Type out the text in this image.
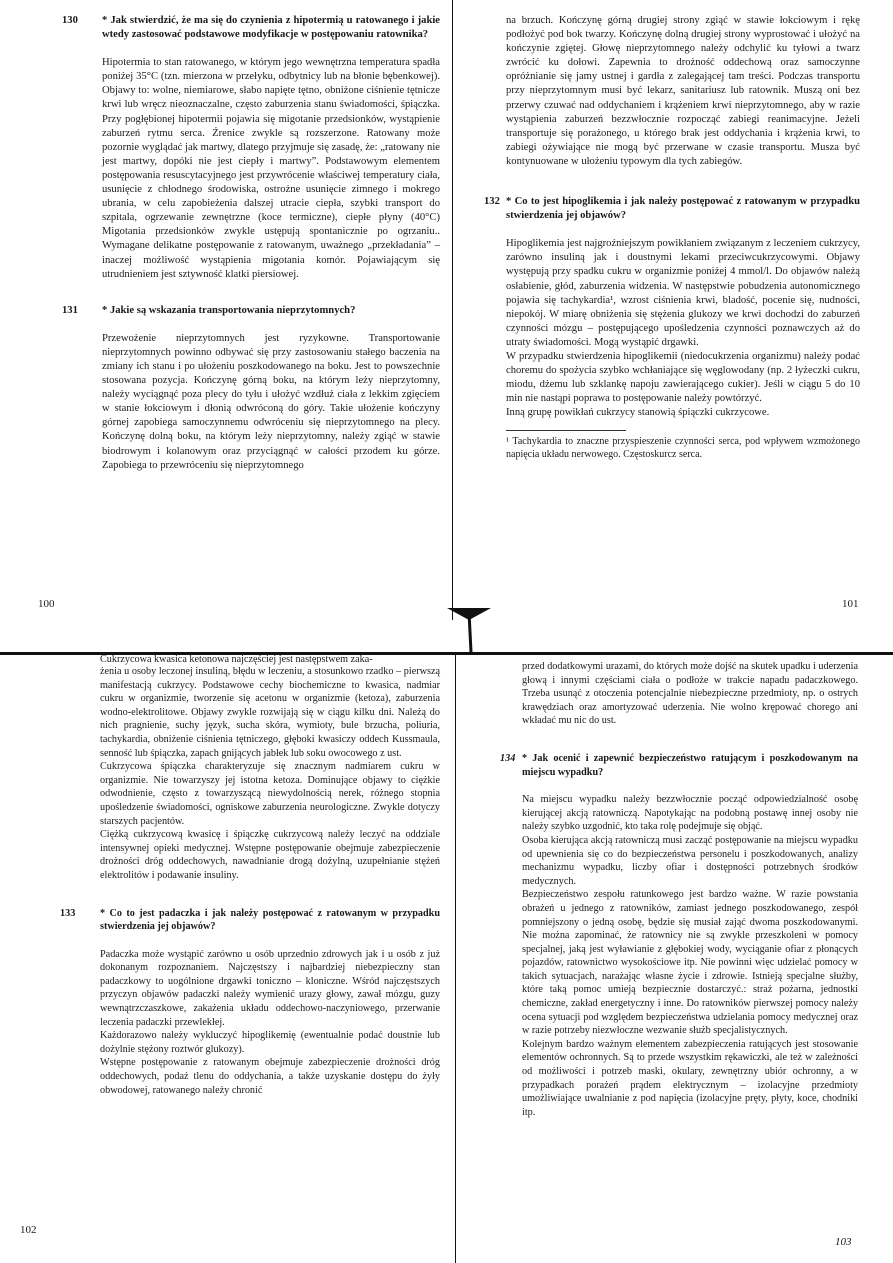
130	* Jak stwierdzić, że ma się do czynienia z hipotermią u ratowanego i jakie wtedy zastosować podstawowe modyfikacje w postępowaniu ratownika?

Hipotermia to stan ratowanego, w którym jego wewnętrzna temperatura spadła poniżej 35°C (tzn. mierzona w przełyku, odbytnicy lub na błonie bębenkowej). Objawy to: wolne, niemiarowe, słabo napięte tętno, obniżone ciśnienie tętnicze krwi lub wręcz nieoznaczalne, często zaburzenia stanu świadomości, śpiączka. Przy pogłębionej hipotermii pojawia się migotanie przedsionków, wystąpienie zaburzeń rytmu serca. Źrenice zwykle są rozszerzone. Ratowany może pozornie wyglądać jak martwy, dlatego przyjmuje się zasadę, że: „ratowany nie jest martwy, dopóki nie jest ciepły i martwy”. Podstawowym elementem postępowania resuscytacyjnego jest przywrócenie właściwej temperatury ciała, usunięcie z chłodnego środowiska, ostrożne usunięcie zimnego i mokrego ubrania, w celu zapobieżenia dalszej utracie ciepła, szybki transport do szpitala, ogrzewanie zewnętrzne (koce termiczne), ciepłe płyny (40°C) Migotania przedsionków zwykle ustępują spontanicznie po ogrzaniu.. Wymagane delikatne postępowanie z ratowanym, uważnego „przekładania” – inaczej możliwość wystąpienia migotania komór. Pojawiającym się utrudnieniem jest sztywność klatki piersiowej.

131	* Jakie są wskazania transportowania nieprzytomnych?

Przewożenie nieprzytomnych jest ryzykowne. Transportowanie nieprzytomnych powinno odbywać się przy zastosowaniu stałego baczenia na zmiany ich stanu i po ułożeniu poszkodowanego na boku. Jest to powszechnie stosowana pozycja. Kończynę górną boku, na którym leży nieprzytomny, należy wyciągnąć poza plecy do tyłu i ułożyć wzdłuż ciała z lekkim zgięciem w stanie łokciowym i dłonią odwróconą do góry. Takie ułożenie kończyny górnej zapobiega samoczynnemu odwróceniu się nieprzytomnego na plecy. Kończynę dolną boku, na którym leży nieprzytomny, należy zgiąć w stawie biodrowym i kolanowym oraz przyciągnąć w całości przodem ku górze. Zapobiega to przewróceniu się nieprzytomnego

100

na brzuch. Kończynę górną drugiej strony zgiąć w stawie łokciowym i rękę podłożyć pod bok twarzy. Kończynę dolną drugiej strony wyprostować i ułożyć na kończynie zgiętej. Głowę nieprzytomnego należy odchylić ku tyłowi a twarz zwrócić ku dołowi. Zapewnia to drożność oddechową oraz samoczynne opróżnianie się jamy ustnej i gardła z zalegającej tam treści. Podczas transportu przy nieprzytomnym musi być lekarz, sanitariusz lub ratownik. Muszą oni bez przerwy czuwać nad oddychaniem i krążeniem krwi nieprzytomnego, aby w razie wystąpienia zaburzeń bezzwłocznie rozpocząć zabiegi reanimacyjne. Jeżeli transportuje się porażonego, u którego brak jest oddychania i krążenia krwi, to zabiegi ożywiające nie mogą być przerwane w czasie transportu. Musza być kontynuowane w ułożeniu typowym dla tych zabiegów.

132 * Co to jest hipoglikemia i jak należy postępować z ratowanym w przypadku stwierdzenia jej objawów?

Hipoglikemia jest najgroźniejszym powikłaniem związanym z leczeniem cukrzycy, zarówno insuliną jak i doustnymi lekami przeciwcukrzycowymi. Objawy występują przy spadku cukru w organizmie poniżej 4 mmol/l. Do objawów należą osłabienie, głód, zaburzenia widzenia. W następstwie pobudzenia autonomicznego pojawia się tachykardia¹, wzrost ciśnienia krwi, bladość, pocenie się, nudności, niepokój. W miarę obniżenia się stężenia glukozy we krwi dochodzi do zaburzeń czynności mózgu – postępującego upośledzenia czynności poznawczych aż do utraty świadomości. Mogą wystąpić drgawki.

W przypadku stwierdzenia hipoglikemii (niedocukrzenia organizmu) należy podać choremu do spożycia szybko wchłaniające się węglowodany (np. 2 łyżeczki cukru, miodu, dżemu lub szklankę napoju zawierającego cukier). Jeśli w ciągu 5 do 10 min nie nastąpi poprawa to postępowanie należy powtórzyć.

Inną grupę powikłań cukrzycy stanowią śpiączki cukrzycowe.

¹ Tachykardia to znaczne przyspieszenie czynności serca, pod wpływem wzmożonego napięcia układu nerwowego. Częstoskurcz serca.

101

Cukrzycowa kwasica ketonowa najczęściej jest następstwem zaka-

żenia u osoby leczonej insuliną, błędu w leczeniu, a stosunkowo rzadko – pierwszą manifestacją cukrzycy. Podstawowe cechy biochemiczne to kwasica, nadmiar cukru w organizmie, tworzenie się acetonu w organizmie (ketoza), zaburzenia wodno-elektrolitowe. Objawy zwykle rozwijają się w ciągu kilku dni. Należą do nich pragnienie, suchy język, sucha skóra, wymioty, bule brzucha, poliuria, tachykardia, obniżenie ciśnienia tętniczego, głęboki kwasiczy oddech Kussmaula, senność lub śpiączka, zapach gnijących jabłek lub soku owocowego z ust.

Cukrzycowa śpiączka charakteryzuje się znacznym nadmiarem cukru w organizmie. Nie towarzyszy jej istotna ketoza. Dominujące objawy to ciężkie odwodnienie, często z towarzyszącą niewydolnością nerek, różnego stopnia upośledzenie świadomości, ogniskowe zaburzenia neurologiczne. Zwykle dotyczy starszych pacjentów.

Ciężką cukrzycową kwasicę i śpiączkę cukrzycową należy leczyć na oddziale intensywnej opieki medycznej. Wstępne postępowanie obejmuje zabezpieczenie drożności dróg oddechowych, nawadnianie drogą dożylną, uzupełnianie stężeń elektrolitów i podawanie insuliny.

133	* Co to jest padaczka i jak należy postępować z ratowanym w przypadku stwierdzenia jej objawów?

Padaczka może wystąpić zarówno u osób uprzednio zdrowych jak i u osób z już dokonanym rozpoznaniem. Najczęstszy i najbardziej niebezpieczny stan padaczkowy to uogólnione drgawki toniczno – kloniczne. Wśród najczęstszych przyczyn objawów padaczki należy wymienić urazy głowy, zawał mózgu, guzy wewnątrzczaszkowe, zakażenia układu oddechowo-naczyniowego, przerwanie leczenia padaczki przewlekłej.

Każdorazowo należy wykluczyć hipoglikemię (ewentualnie podać doustnie lub dożylnie stężony roztwór glukozy).

Wstępne postępowanie z ratowanym obejmuje zabezpieczenie drożności dróg oddechowych, podaż tlenu do oddychania, a także uzyskanie dostępu do żyły obwodowej, ratowanego należy chronić

102

przed dodatkowymi urazami, do których może dojść na skutek upadku i uderzenia głową i innymi częściami ciała o podłoże w trakcie napadu padaczkowego. Trzeba usunąć z otoczenia potencjalnie niebezpieczne przedmioty, np. o ostrych krawędziach oraz amortyzować uderzenia. Nie wolno krępować chorego ani wkładać mu nic do ust.

134 * Jak ocenić i zapewnić bezpieczeństwo ratującym i poszkodowanym na miejscu wypadku?

Na miejscu wypadku należy bezzwłocznie począć odpowiedzialność osobę kierującej akcją ratowniczą. Napotykając na podobną postawę innej osoby nie należy szybko uzgodnić, kto taka rolę podejmuje się objąć.

Osoba kierująca akcją ratowniczą musi zacząć postępowanie na miejscu wypadku od upewnienia się co do bezpieczeństwa personelu i poszkodowanych, analizy mechanizmu wypadku, liczby ofiar i dostępności potrzebnych środków medycznych.

Bezpieczeństwo zespołu ratunkowego jest bardzo ważne. W razie powstania obrażeń u jednego z ratowników, zamiast jednego poszkodowanego, zespół pomniejszony o jedną osobę, będzie się musiał zająć dwoma poszkodowanymi. Nie można zapominać, że ratownicy nie są zwykle przeszkoleni w pomocy specjalnej, jaką jest wyławianie z głębokiej wody, wyciąganie ofiar z płonących pojazdów, ratownictwo wysokościowe itp. Nie powinni więc udzielać pomocy w takich sytuacjach, narażając własne życie i zdrowie. Istnieją specjalne służby, które taką pomoc umieją bezpiecznie dostarczyć.: straż pożarna, jednostki chemiczne, zakład energetyczny i inne. Do ratowników pierwszej pomocy należy ocena sytuacji pod względem bezpieczeństwa udzielania pomocy medycznej oraz w razie potrzeby niezwłoczne wezwanie służb specjalistycznych.

Kolejnym bardzo ważnym elementem zabezpieczenia ratujących jest stosowanie elementów ochronnych. Są to przede wszystkim rękawiczki, ale też w zależności od możliwości i potrzeb maski, okulary, zewnętrzny ubiór ochronny, a w przypadkach porażeń prądem elektrycznym – izolacyjne przedmioty umożliwiające uwalnianie z pod napięcia (izolacyjne pręty, płyty, koce, chodniki itp.

103
